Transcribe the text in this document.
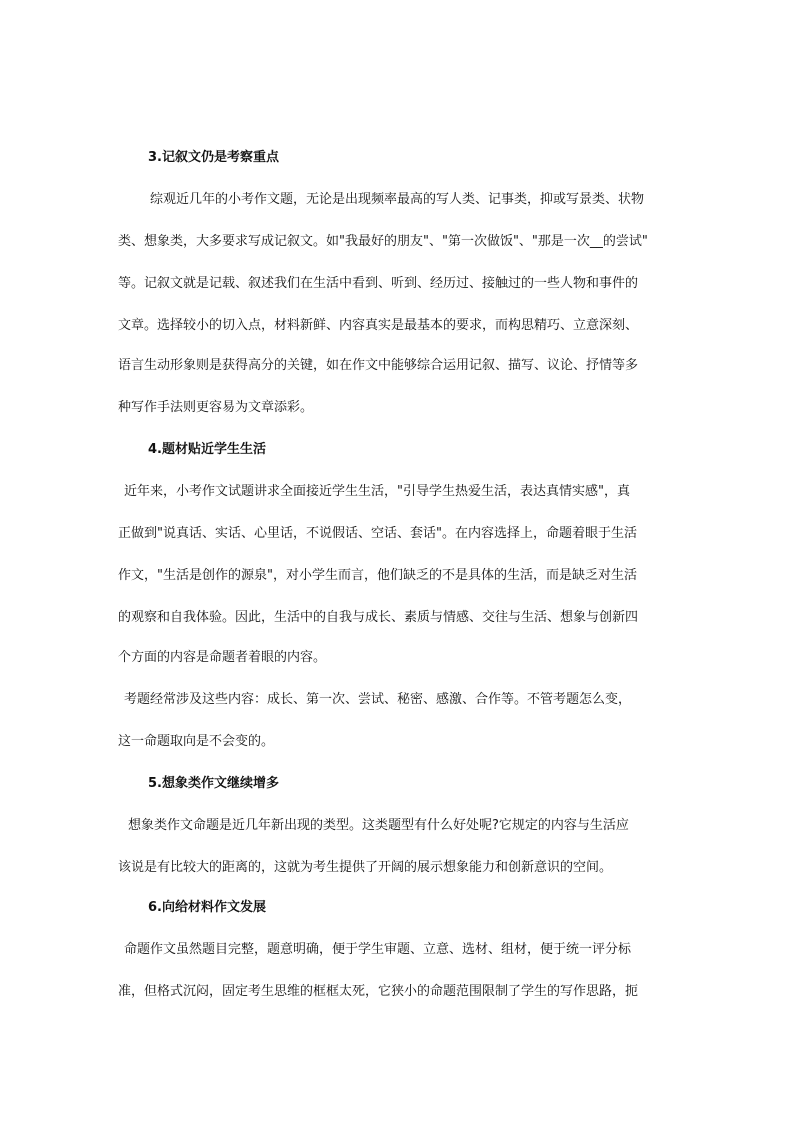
3.记叙文仍是考察重点
综观近几年的小考作文题，无论是出现频率最高的写人类、记事类，抑或写景类、状物
类、想象类，大多要求写成记叙文。如"我最好的朋友"、"第一次做饭"、"那是一次__的尝试"
等。记叙文就是记载、叙述我们在生活中看到、听到、经历过、接触过的一些人物和事件的
文章。选择较小的切入点，材料新鲜、内容真实是最基本的要求，而构思精巧、立意深刻、
语言生动形象则是获得高分的关键，如在作文中能够综合运用记叙、描写、议论、抒情等多
种写作手法则更容易为文章添彩。
4.题材贴近学生生活
近年来，小考作文试题讲求全面接近学生生活，"引导学生热爱生活，表达真情实感"，真
正做到"说真话、实话、心里话，不说假话、空话、套话"。在内容选择上，命题着眼于生活
作文，"生活是创作的源泉"，对小学生而言，他们缺乏的不是具体的生活，而是缺乏对生活
的观察和自我体验。因此，生活中的自我与成长、素质与情感、交往与生活、想象与创新四
个方面的内容是命题者着眼的内容。
考题经常涉及这些内容：成长、第一次、尝试、秘密、感激、合作等。不管考题怎么变，
这一命题取向是不会变的。
5.想象类作文继续增多
想象类作文命题是近几年新出现的类型。这类题型有什么好处呢?它规定的内容与生活应
该说是有比较大的距离的，这就为考生提供了开阔的展示想象能力和创新意识的空间。
6.向给材料作文发展
命题作文虽然题目完整，题意明确，便于学生审题、立意、选材、组材，便于统一评分标
准，但格式沉闷，固定考生思维的框框太死，它狭小的命题范围限制了学生的写作思路，扼
